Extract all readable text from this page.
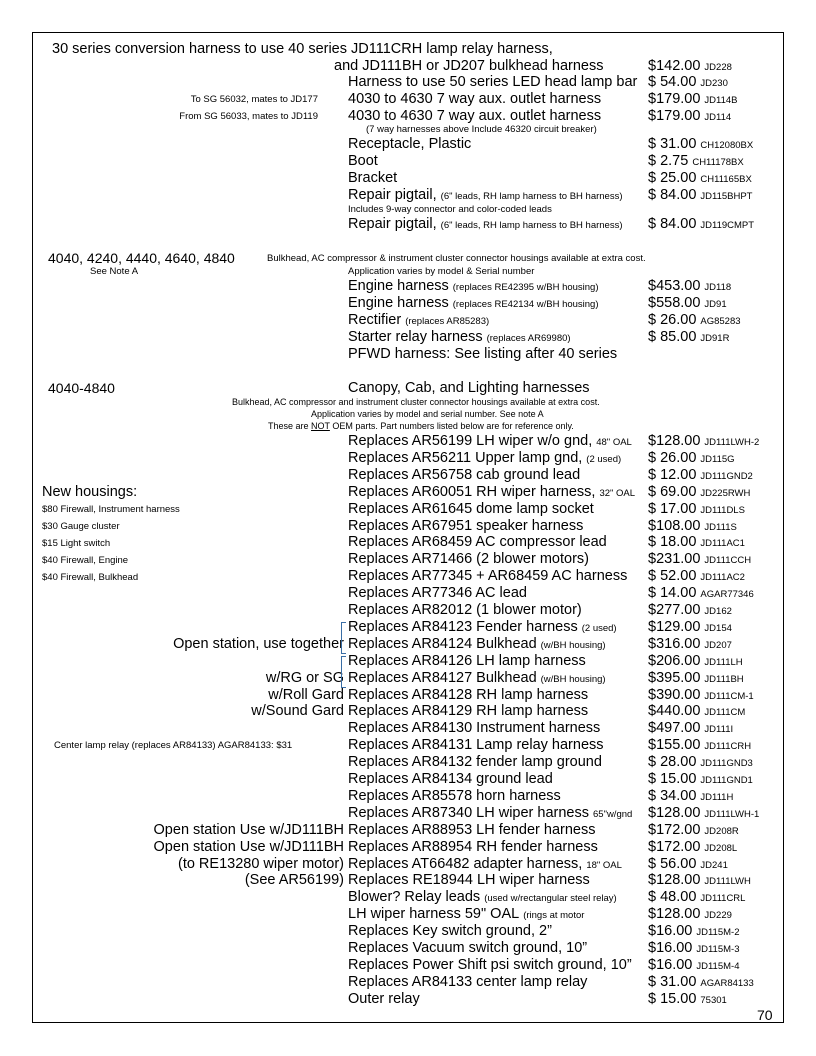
30 series conversion harness to use 40 series JD111CRH lamp relay harness,
and JD111BH or JD207 bulkhead harness	$142.00 JD228
Harness to use 50 series LED head lamp bar $ 54.00 JD230
4030 to 4630 7 way aux. outlet harness	$179.00 JD114B
To SG 56032, mates to JD177
4030 to 4630 7 way aux. outlet harness	$179.00 JD114
From SG 56033, mates to JD119
(7 way harnesses above Include 46320 circuit breaker)
Receptacle, Plastic	$ 31.00 CH12080BX
Boot	$ 2.75 CH11178BX
Bracket	$ 25.00 CH11165BX
Repair pigtail, (6" leads, RH lamp harness to BH harness) $ 84.00 JD115BHPT
Includes 9-way connector and color-coded leads
Repair pigtail, (6" leads, RH lamp harness to BH harness) $ 84.00 JD119CMPT
4040, 4240, 4440, 4640, 4840	Bulkhead, AC compressor & instrument cluster connector housings available at extra cost.
See Note A	Application varies by model & Serial number
Engine harness (replaces RE42395 w/BH housing)	$453.00 JD118
Engine harness (replaces RE42134 w/BH housing)	$558.00 JD91
Rectifier (replaces AR85283)	$ 26.00 AG85283
Starter relay harness (replaces AR69980)	$ 85.00 JD91R
PFWD harness: See listing after 40 series
4040-4840	Canopy, Cab, and Lighting harnesses
Bulkhead, AC compressor and instrument cluster connector housings available at extra cost.
Application varies by model and serial number. See note A
These are NOT OEM parts. Part numbers listed below are for reference only.
New housings:
$80 Firewall, Instrument harness
$30 Gauge cluster
$15 Light switch
$40 Firewall, Engine
$40 Firewall, Bulkhead
Replaces AR56199 LH wiper w/o gnd, 48" OAL $128.00 JD111LWH-2
Replaces AR56211 Upper lamp gnd, (2 used) $ 26.00 JD115G
Replaces AR56758 cab ground lead	$ 12.00 JD111GND2
Replaces AR60051 RH wiper harness, 32" OAL $ 69.00 JD225RWH
Replaces AR61645 dome lamp socket	$ 17.00 JD111DLS
Replaces AR67951 speaker harness	$108.00 JD111S
Replaces AR68459 AC compressor lead	$ 18.00 JD111AC1
Replaces AR71466 (2 blower motors)	$231.00 JD111CCH
Replaces AR77345 + AR68459 AC harness $ 52.00 JD111AC2
Replaces AR77346 AC lead	$ 14.00 AGAR77346
Replaces AR82012 (1 blower motor)	$277.00 JD162
Replaces AR84123 Fender harness (2 used) $129.00 JD154
Replaces AR84124 Bulkhead (w/BH housing)	$316.00 JD207
Open station, use together
Replaces AR84126 LH lamp harness	$206.00 JD111LH
Replaces AR84127 Bulkhead (w/BH housing)	$395.00 JD111BH
w/RG or SG
Replaces AR84128 RH lamp harness	$390.00 JD111CM-1
w/Roll Gard
Replaces AR84129 RH lamp harness	$440.00 JD111CM
w/Sound Gard
Replaces AR84130 Instrument harness	$497.00 JD111I
Replaces AR84131 Lamp relay harness	$155.00 JD111CRH
Replaces AR84132 fender lamp ground	$ 28.00 JD111GND3
Replaces AR84134 ground lead	$ 15.00 JD111GND1
Replaces AR85578 horn harness	$ 34.00 JD111H
Replaces AR87340 LH wiper harness 65"w/gnd $128.00 JD111LWH-1
Replaces AR88953 LH fender harness	$172.00 JD208R
Open station Use w/JD111BH
Replaces AR88954 RH fender harness	$172.00 JD208L
Open station Use w/JD111BH
Replaces AT66482 adapter harness, 18" OAL $ 56.00 JD241
(to RE13280 wiper motor)
Replaces RE18944 LH wiper harness	$128.00 JD111LWH
(See AR56199)
Blower? Relay leads (used w/rectangular steel relay) $ 48.00 JD111CRL
LH wiper harness 59" OAL (rings at motor	$128.00 JD229
Replaces Key switch ground, 2”	$16.00 JD115M-2
Replaces Vacuum switch ground, 10”	$16.00 JD115M-3
Replaces Power Shift psi switch ground, 10” $16.00 JD115M-4
Replaces AR84133 center lamp relay	$ 31.00 AGAR84133
Outer relay	$ 15.00 75301
Center lamp relay (replaces AR84133) AGAR84133: $31
70
